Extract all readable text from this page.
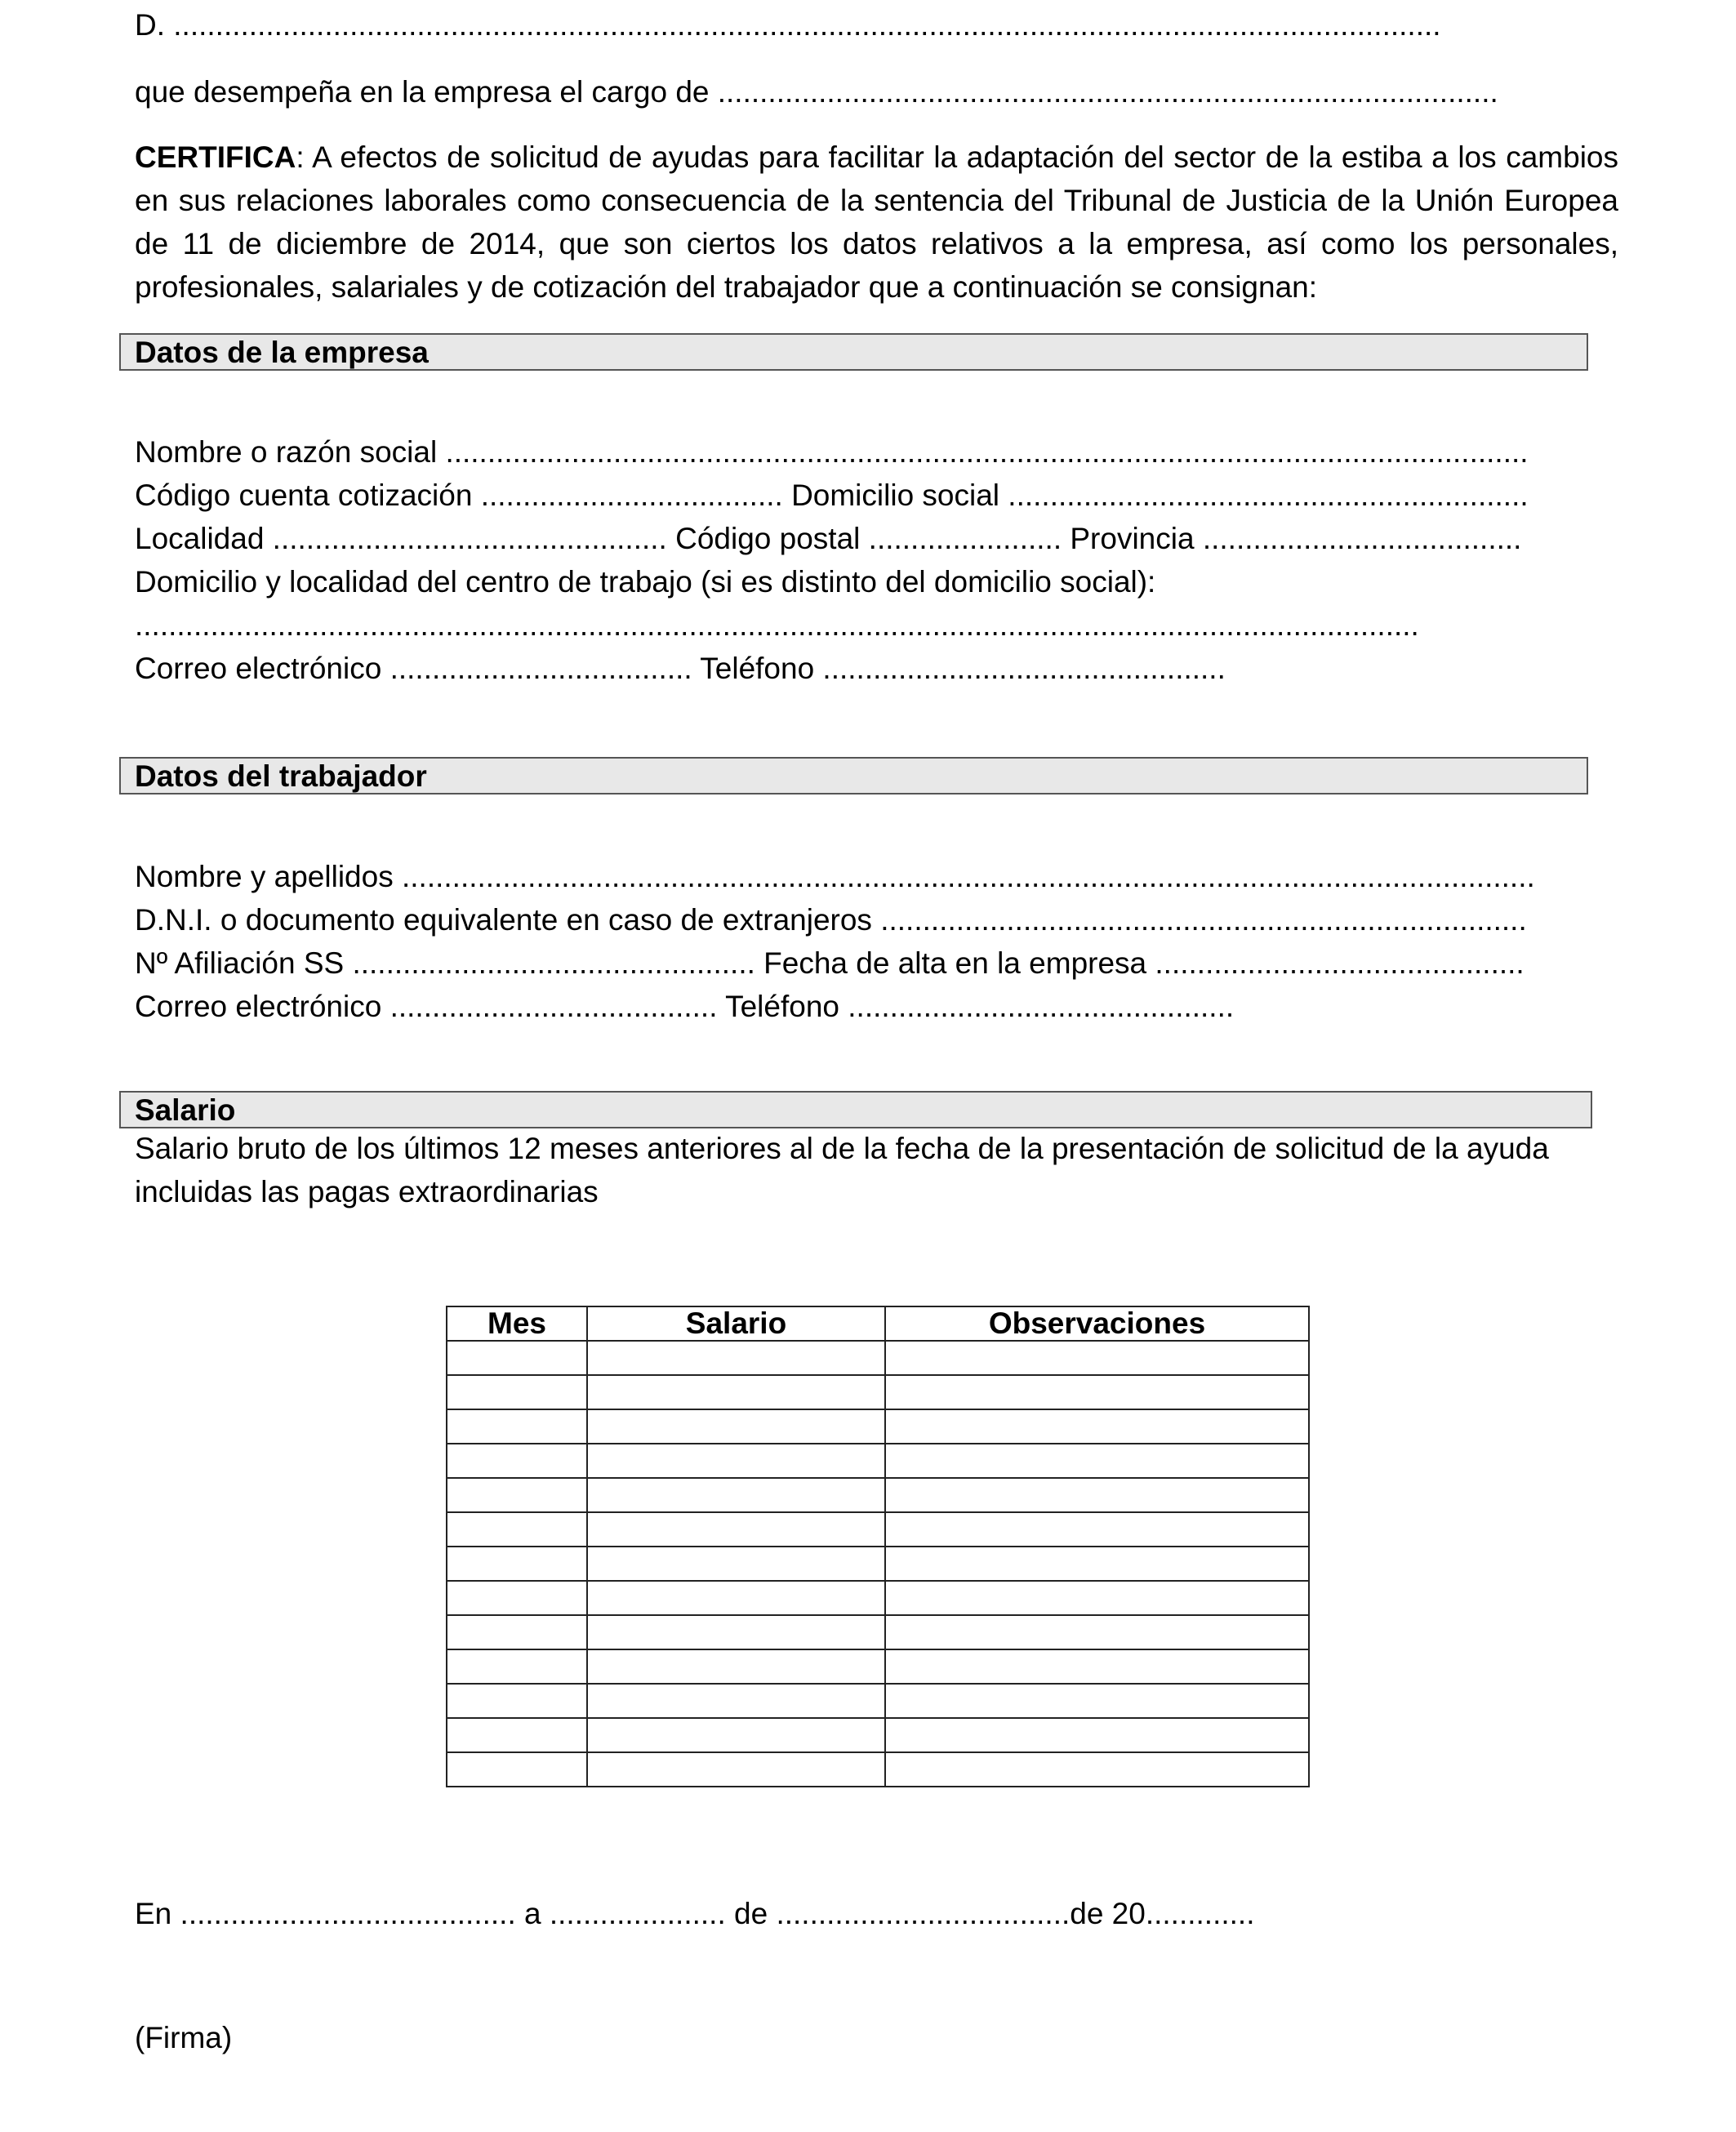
D. .......................................................................................................................................................
que desempeña en la empresa el cargo de .............................................................................................
CERTIFICA: A efectos de solicitud de ayudas para facilitar la adaptación del sector de la estiba a los cambios en sus relaciones laborales como consecuencia de la sentencia del Tribunal de Justicia de la Unión Europea de 11 de diciembre de 2014, que son ciertos los datos relativos a la empresa, así como los personales, profesionales, salariales y de cotización del trabajador que a continuación se consignan:
Datos de la empresa
Nombre o razón social .................................................................................................................................
Código cuenta cotización .................................... Domicilio social ..............................................................
Localidad ............................................... Código postal ....................... Provincia ......................................
Domicilio y localidad del centro de trabajo (si es distinto del domicilio social):
.........................................................................................................................................................
Correo electrónico .................................... Teléfono ................................................
Datos del trabajador
Nombre y apellidos .......................................................................................................................................
D.N.I. o documento equivalente en caso de extranjeros .............................................................................
Nº Afiliación SS ................................................ Fecha de alta en la empresa ............................................
Correo electrónico ....................................... Teléfono ..............................................
Salario
Salario bruto de los últimos 12 meses anteriores al de la fecha de la presentación de solicitud de la ayuda
incluidas las pagas extraordinarias
Mes	Salario	Observaciones

En ........................................ a ..................... de ...................................de 20.............
(Firma)
